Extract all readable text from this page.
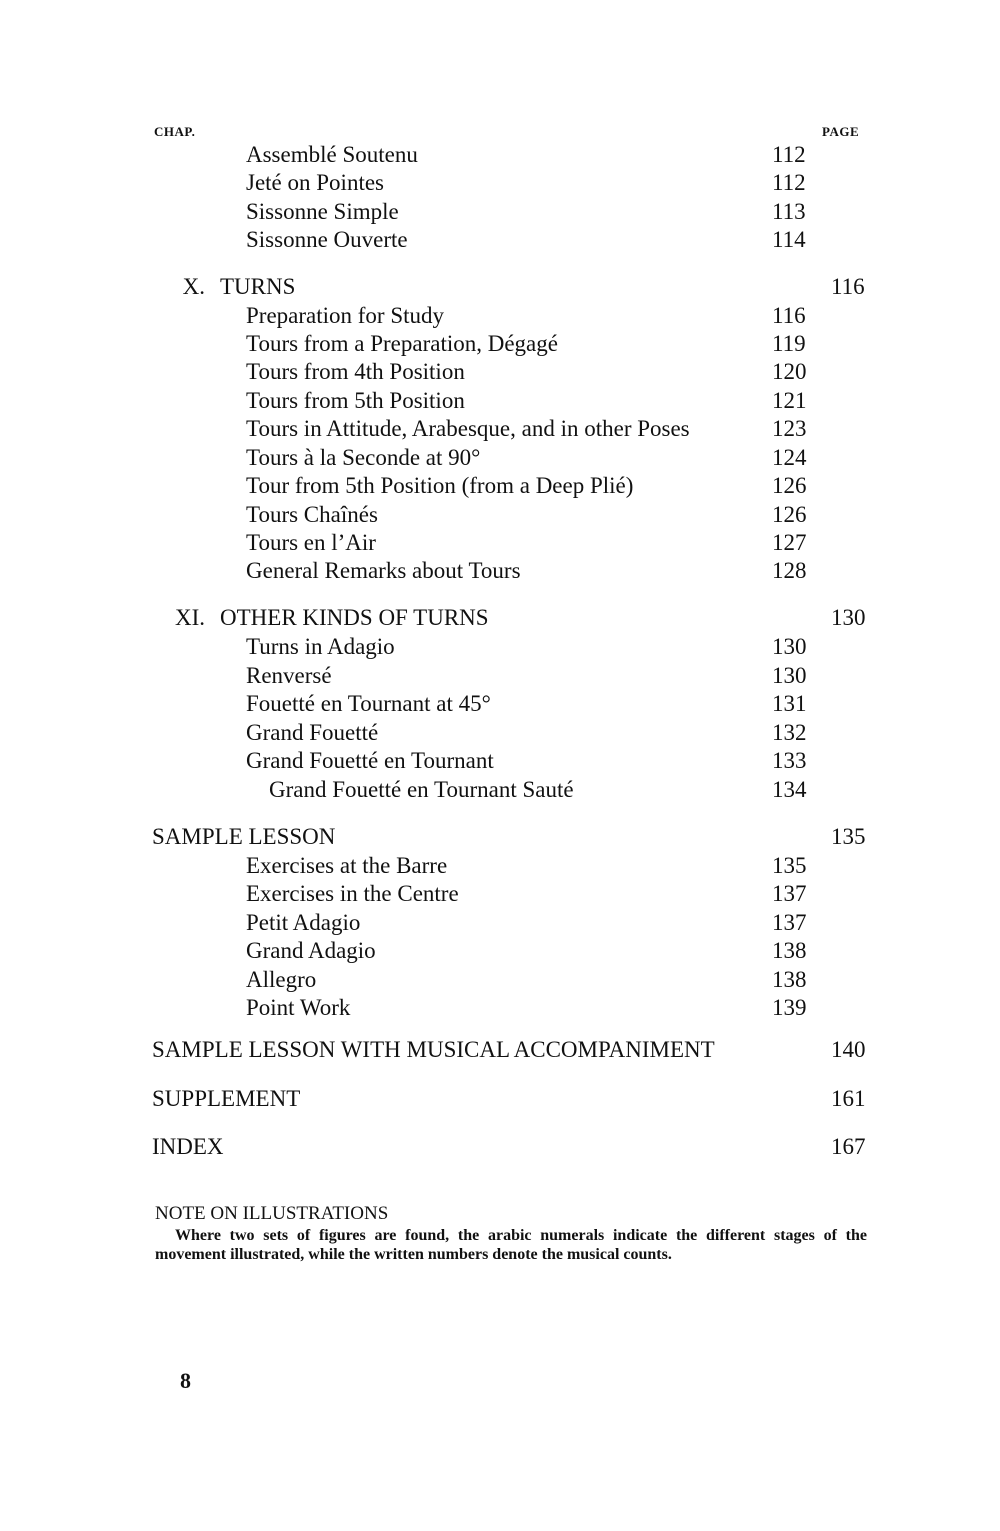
CHAP.	PAGE
Assemblé Soutenu	112
Jeté on Pointes	112
Sissonne Simple	113
Sissonne Ouverte	114
X. TURNS	116
Preparation for Study	116
Tours from a Preparation, Dégagé	119
Tours from 4th Position	120
Tours from 5th Position	121
Tours in Attitude, Arabesque, and in other Poses	123
Tours à la Seconde at 90°	124
Tour from 5th Position (from a Deep Plié)	126
Tours Chaînés	126
Tours en l’Air	127
General Remarks about Tours	128
XI. OTHER KINDS OF TURNS	130
Turns in Adagio	130
Renversé	130
Fouetté en Tournant at 45°	131
Grand Fouetté	132
Grand Fouetté en Tournant	133
Grand Fouetté en Tournant Sauté	134
SAMPLE LESSON	135
Exercises at the Barre	135
Exercises in the Centre	137
Petit Adagio	137
Grand Adagio	138
Allegro	138
Point Work	139
SAMPLE LESSON WITH MUSICAL ACCOMPANIMENT	140
SUPPLEMENT	161
INDEX	167
NOTE ON ILLUSTRATIONS
Where two sets of figures are found, the arabic numerals indicate the different stages of the movement illustrated, while the written numbers denote the musical counts.
8
